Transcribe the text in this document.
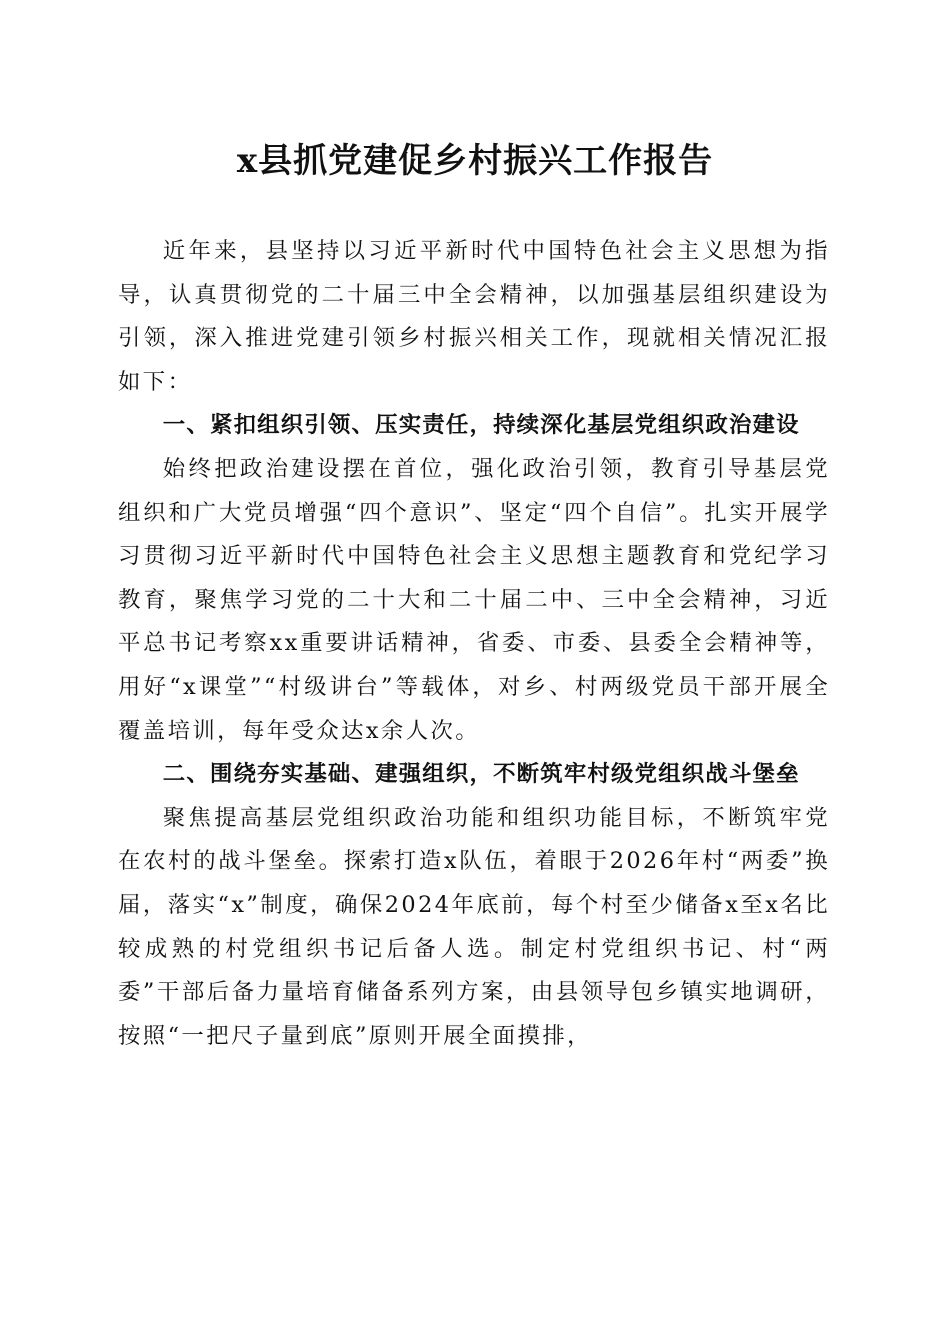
x县抓党建促乡村振兴工作报告

近年来，县坚持以习近平新时代中国特色社会主义思想为指导，认真贯彻党的二十届三中全会精神，以加强基层组织建设为引领，深入推进党建引领乡村振兴相关工作，现就相关情况汇报如下：

一、紧扣组织引领、压实责任，持续深化基层党组织政治建设

始终把政治建设摆在首位，强化政治引领，教育引导基层党组织和广大党员增强“四个意识”、坚定“四个自信”。扎实开展学习贯彻习近平新时代中国特色社会主义思想主题教育和党纪学习教育，聚焦学习党的二十大和二十届二中、三中全会精神，习近平总书记考察xx重要讲话精神，省委、市委、县委全会精神等，用好“x课堂”“村级讲台”等载体，对乡、村两级党员干部开展全覆盖培训，每年受众达x余人次。

二、围绕夯实基础、建强组织，不断筑牢村级党组织战斗堡垒

聚焦提高基层党组织政治功能和组织功能目标，不断筑牢党在农村的战斗堡垒。探索打造x队伍，着眼于2026年村“两委”换届，落实“x”制度，确保2024年底前，每个村至少储备x至x名比较成熟的村党组织书记后备人选。制定村党组织书记、村“两委”干部后备力量培育储备系列方案，由县领导包乡镇实地调研，按照“一把尺子量到底”原则开展全面摸排，
